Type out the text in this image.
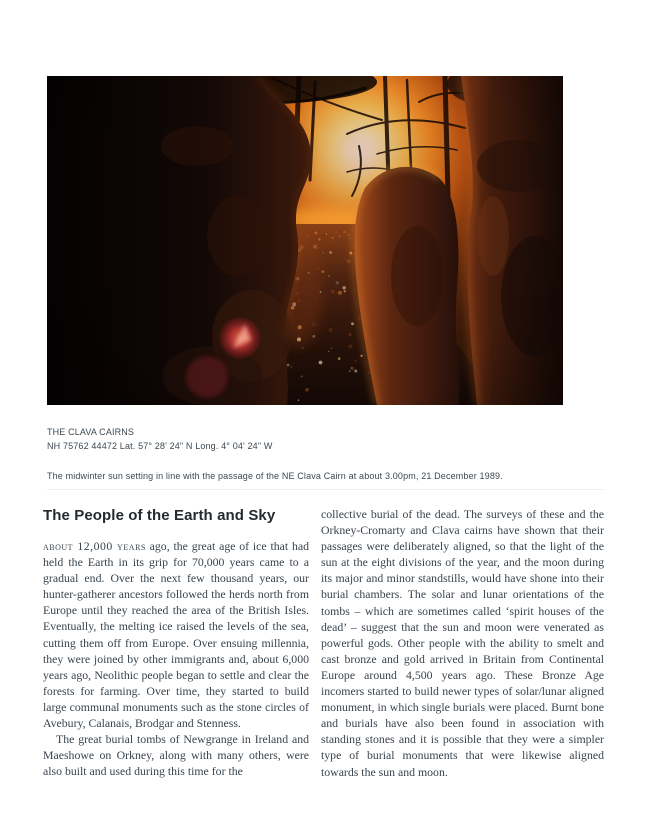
THE CLAVA CAIRNS
NH 75762 44472 Lat. 57° 28' 24" N Long. 4° 04' 24" W
The midwinter sun setting in line with the passage of the NE Clava Cairn at about 3.00pm, 21 December 1989.
The People of the Earth and Sky

about 12,000 years ago, the great age of ice that had held the Earth in its grip for 70,000 years came to a gradual end. Over the next few thousand years, our hunter-gatherer ancestors followed the herds north from Europe until they reached the area of the British Isles. Eventually, the melting ice raised the levels of the sea, cutting them off from Europe. Over ensuing millennia, they were joined by other immigrants and, about 6,000 years ago, Neolithic people began to settle and clear the forests for farming. Over time, they started to build large communal monuments such as the stone circles of Avebury, Calanais, Brodgar and Stenness.

The great burial tombs of Newgrange in Ireland and Maeshowe on Orkney, along with many others, were also built and used during this time for the

collective burial of the dead. The surveys of these and the Orkney-Cromarty and Clava cairns have shown that their passages were deliberately aligned, so that the light of the sun at the eight divisions of the year, and the moon during its major and minor standstills, would have shone into their burial chambers. The solar and lunar orientations of the tombs – which are sometimes called ‘spirit houses of the dead’ – suggest that the sun and moon were venerated as powerful gods. Other people with the ability to smelt and cast bronze and gold arrived in Britain from Continental Europe around 4,500 years ago. These Bronze Age incomers started to build newer types of solar/lunar aligned monument, in which single burials were placed. Burnt bone and burials have also been found in association with standing stones and it is possible that they were a simpler type of burial monuments that were likewise aligned towards the sun and moon.
